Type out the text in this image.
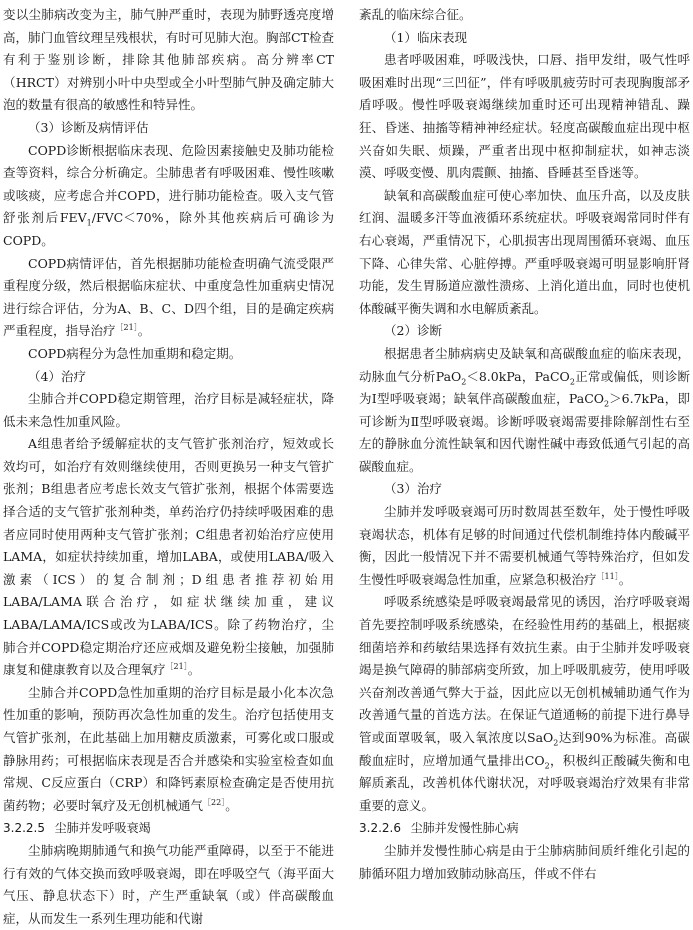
变以尘肺病改变为主，肺气肿严重时，表现为肺野透亮度增高，肺门血管纹理呈残根状，有时可见肺大泡。胸部CT检查有利于鉴别诊断，排除其他肺部疾病。高分辨率CT（HRCT）对辨别小叶中央型或全小叶型肺气肿及确定肺大泡的数量有很高的敏感性和特异性。

（3）诊断及病情评估

COPD诊断根据临床表现、危险因素接触史及肺功能检查等资料，综合分析确定。尘肺患者有呼吸困难、慢性咳嗽或咳痰，应考虑合并COPD，进行肺功能检查。吸入支气管舒张剂后$FEV_1/FVC<70\%$，除外其他疾病后可确诊为COPD。

COPD病情评估，首先根据肺功能检查明确气流受限严重程度分级，然后根据临床症状、中重度急性加重病史情况进行综合评估，分为A、B、C、D四个组，目的是确定疾病严重程度，指导治疗$^{[21]}$。

COPD病程分为急性加重期和稳定期。

（4）治疗

尘肺合并COPD稳定期管理，治疗目标是减轻症状，降低未来急性加重风险。

A组患者给予缓解症状的支气管扩张剂治疗，短效或长效均可，如治疗有效则继续使用，否则更换另一种支气管扩张剂；B组患者应考虑长效支气管扩张剂，根据个体需要选择合适的支气管扩张剂种类，单药治疗仍持续呼吸困难的患者应同时使用两种支气管扩张剂；C组患者初始治疗应使用LAMA，如症状持续加重，增加LABA，或使用LABA/吸入激素（ICS）的复合制剂；D组患者推荐初始用LABA/LAMA联合治疗，如症状继续加重，建议LABA/LAMA/ICS或改为LABA/ICS。除了药物治疗，尘肺合并COPD稳定期治疗还应戒烟及避免粉尘接触，加强肺康复和健康教育以及合理氧疗$^{[21]}$。

尘肺合并COPD急性加重期的治疗目标是最小化本次急性加重的影响，预防再次急性加重的发生。治疗包括使用支气管扩张剂，在此基础上加用糖皮质激素，可雾化或口服或静脉用药；可根据临床表现是否合并感染和实验室检查如血常规、C反应蛋白（CRP）和降钙素原检查确定是否使用抗菌药物；必要时氧疗及无创机械通气$^{[22]}$。

3.2.2.5 尘肺并发呼吸衰竭

尘肺病晚期肺通气和换气功能严重障碍，以至于不能进行有效的气体交换而致呼吸衰竭，即在呼吸空气（海平面大气压、静息状态下）时，产生严重缺氧（或）伴高碳酸血症，从而发生一系列生理功能和代谢

紊乱的临床综合征。

（1）临床表现

患者呼吸困难，呼吸浅快，口唇、指甲发绀，吸气性呼吸困难时出现“三凹征”，伴有呼吸肌疲劳时可表现胸腹部矛盾呼吸。慢性呼吸衰竭继续加重时还可出现精神错乱、躁狂、昏迷、抽搐等精神神经症状。轻度高碳酸血症出现中枢兴奋如失眠、烦躁，严重者出现中枢抑制症状，如神志淡漠、呼吸变慢、肌肉震颤、抽搐、昏睡甚至昏迷等。

缺氧和高碳酸血症可使心率加快、血压升高，以及皮肤红润、温暖多汗等血液循环系统症状。呼吸衰竭常同时伴有右心衰竭，严重情况下，心肌损害出现周围循环衰竭、血压下降、心律失常、心脏停搏。严重呼吸衰竭可明显影响肝肾功能，发生胃肠道应激性溃疡、上消化道出血，同时也使机体酸碱平衡失调和水电解质紊乱。

（2）诊断

根据患者尘肺病病史及缺氧和高碳酸血症的临床表现，动脉血气分析PaO$_2$＜8.0kPa，PaCO$_2$正常或偏低，则诊断为Ⅰ型呼吸衰竭；缺氧伴高碳酸血症，PaCO$_2$＞6.7kPa，即可诊断为Ⅱ型呼吸衰竭。诊断呼吸衰竭需要排除解剖性右至左的静脉血分流性缺氧和因代谢性碱中毒致低通气引起的高碳酸血症。

（3）治疗

尘肺并发呼吸衰竭可历时数周甚至数年，处于慢性呼吸衰竭状态，机体有足够的时间通过代偿机制维持体内酸碱平衡，因此一般情况下并不需要机械通气等特殊治疗，但如发生慢性呼吸衰竭急性加重，应紧急积极治疗$^{[11]}$。

呼吸系统感染是呼吸衰竭最常见的诱因，治疗呼吸衰竭首先要控制呼吸系统感染，在经验性用药的基础上，根据痰细菌培养和药敏结果选择有效抗生素。由于尘肺并发呼吸衰竭是换气障碍的肺部病变所致，加上呼吸肌疲劳，使用呼吸兴奋剂改善通气弊大于益，因此应以无创机械辅助通气作为改善通气量的首选方法。在保证气道通畅的前提下进行鼻导管或面罩吸氧，吸入氧浓度以SaO$_2$达到90%为标准。高碳酸血症时，应增加通气量排出$CO_2$，积极纠正酸碱失衡和电解质紊乱，改善机体代谢状况，对呼吸衰竭治疗效果有非常重要的意义。

3.2.2.6 尘肺并发慢性肺心病

尘肺并发慢性肺心病是由于尘肺病肺间质纤维化引起的肺循环阻力增加致肺动脉高压，伴或不伴右
